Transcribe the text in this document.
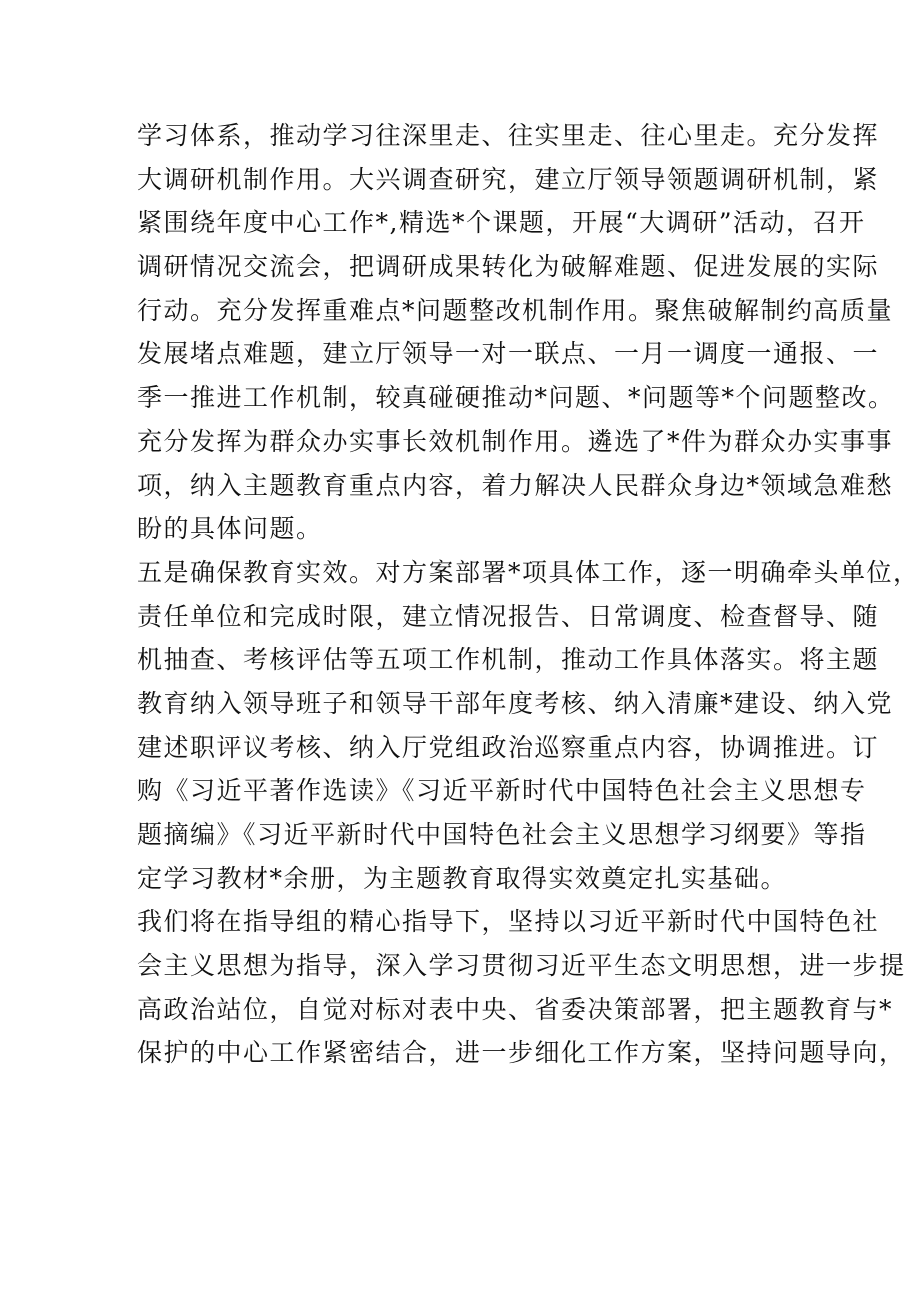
学习体系，推动学习往深里走、往实里走、往心里走。充分发挥
大调研机制作用。大兴调查研究，建立厅领导领题调研机制，紧
紧围绕年度中心工作*,精选*个课题，开展“大调研”活动，召开
调研情况交流会，把调研成果转化为破解难题、促进发展的实际
行动。充分发挥重难点*问题整改机制作用。聚焦破解制约高质量
发展堵点难题，建立厅领导一对一联点、一月一调度一通报、一
季一推进工作机制，较真碰硬推动*问题、*问题等*个问题整改。
充分发挥为群众办实事长效机制作用。遴选了*件为群众办实事事
项，纳入主题教育重点内容，着力解决人民群众身边*领域急难愁
盼的具体问题。
五是确保教育实效。对方案部署*项具体工作，逐一明确牵头单位，
责任单位和完成时限，建立情况报告、日常调度、检查督导、随
机抽查、考核评估等五项工作机制，推动工作具体落实。将主题
教育纳入领导班子和领导干部年度考核、纳入清廉*建设、纳入党
建述职评议考核、纳入厅党组政治巡察重点内容，协调推进。订
购《习近平著作选读》《习近平新时代中国特色社会主义思想专
题摘编》《习近平新时代中国特色社会主义思想学习纲要》等指
定学习教材*余册，为主题教育取得实效奠定扎实基础。
我们将在指导组的精心指导下，坚持以习近平新时代中国特色社
会主义思想为指导，深入学习贯彻习近平生态文明思想，进一步提
高政治站位，自觉对标对表中央、省委决策部署，把主题教育与*
保护的中心工作紧密结合，进一步细化工作方案，坚持问题导向，
